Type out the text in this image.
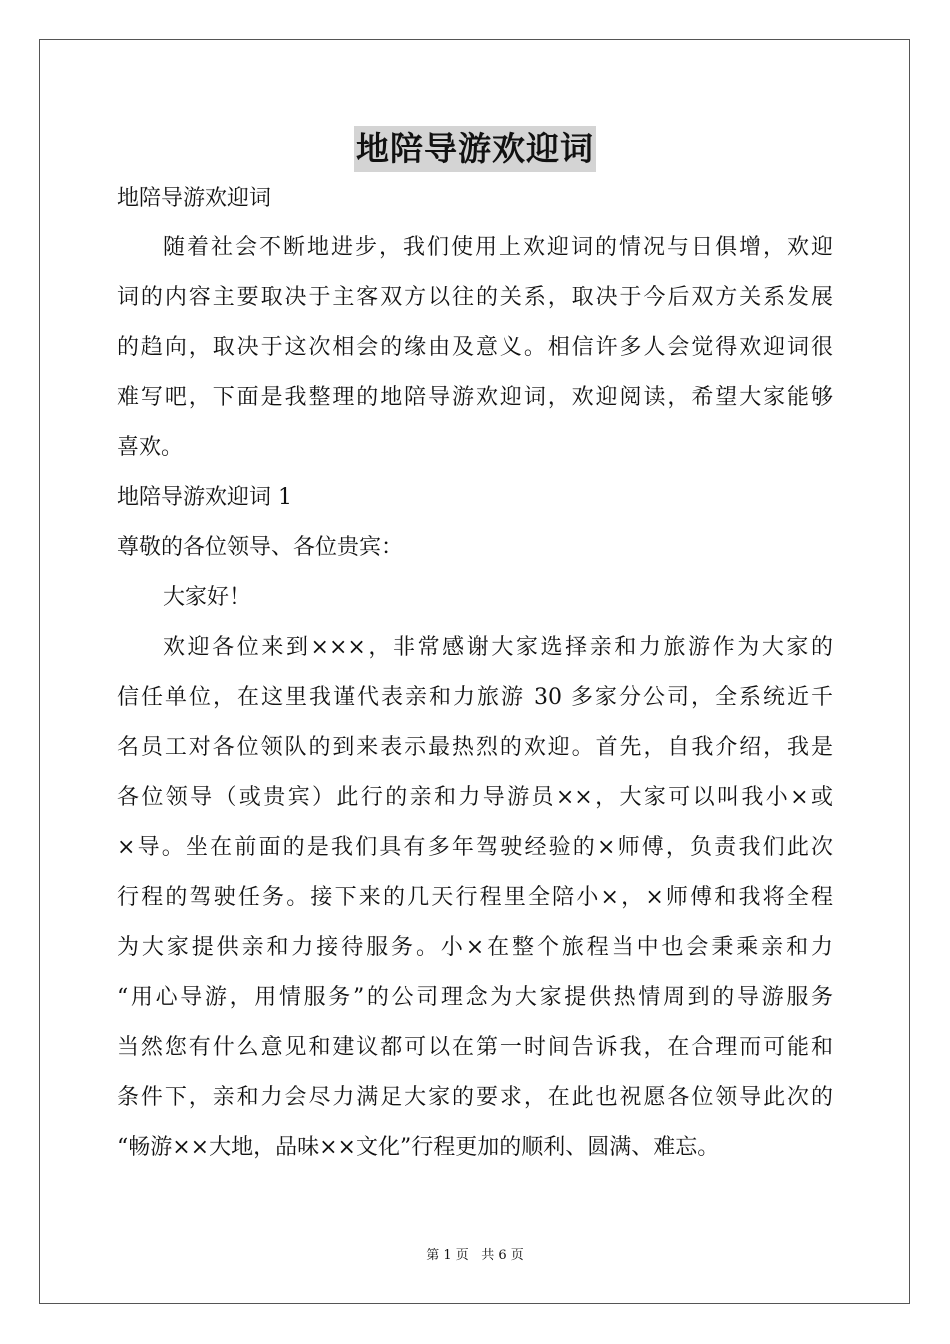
地陪导游欢迎词
地陪导游欢迎词
随着社会不断地进步，我们使用上欢迎词的情况与日俱增，欢迎
词的内容主要取决于主客双方以往的关系，取决于今后双方关系发展
的趋向，取决于这次相会的缘由及意义。相信许多人会觉得欢迎词很
难写吧，下面是我整理的地陪导游欢迎词，欢迎阅读，希望大家能够
喜欢。
地陪导游欢迎词 1
尊敬的各位领导、各位贵宾：
大家好！
欢迎各位来到×××，非常感谢大家选择亲和力旅游作为大家的
信任单位，在这里我谨代表亲和力旅游 30 多家分公司，全系统近千
名员工对各位领队的到来表示最热烈的欢迎。首先，自我介绍，我是
各位领导（或贵宾）此行的亲和力导游员××，大家可以叫我小×或
×导。坐在前面的是我们具有多年驾驶经验的×师傅，负责我们此次
行程的驾驶任务。接下来的几天行程里全陪小×，×师傅和我将全程
为大家提供亲和力接待服务。小×在整个旅程当中也会秉乘亲和力
“用心导游，用情服务”的公司理念为大家提供热情周到的导游服务
当然您有什么意见和建议都可以在第一时间告诉我，在合理而可能和
条件下，亲和力会尽力满足大家的要求，在此也祝愿各位领导此次的
“畅游××大地，品味××文化”行程更加的顺利、圆满、难忘。
第 1 页   共 6 页
